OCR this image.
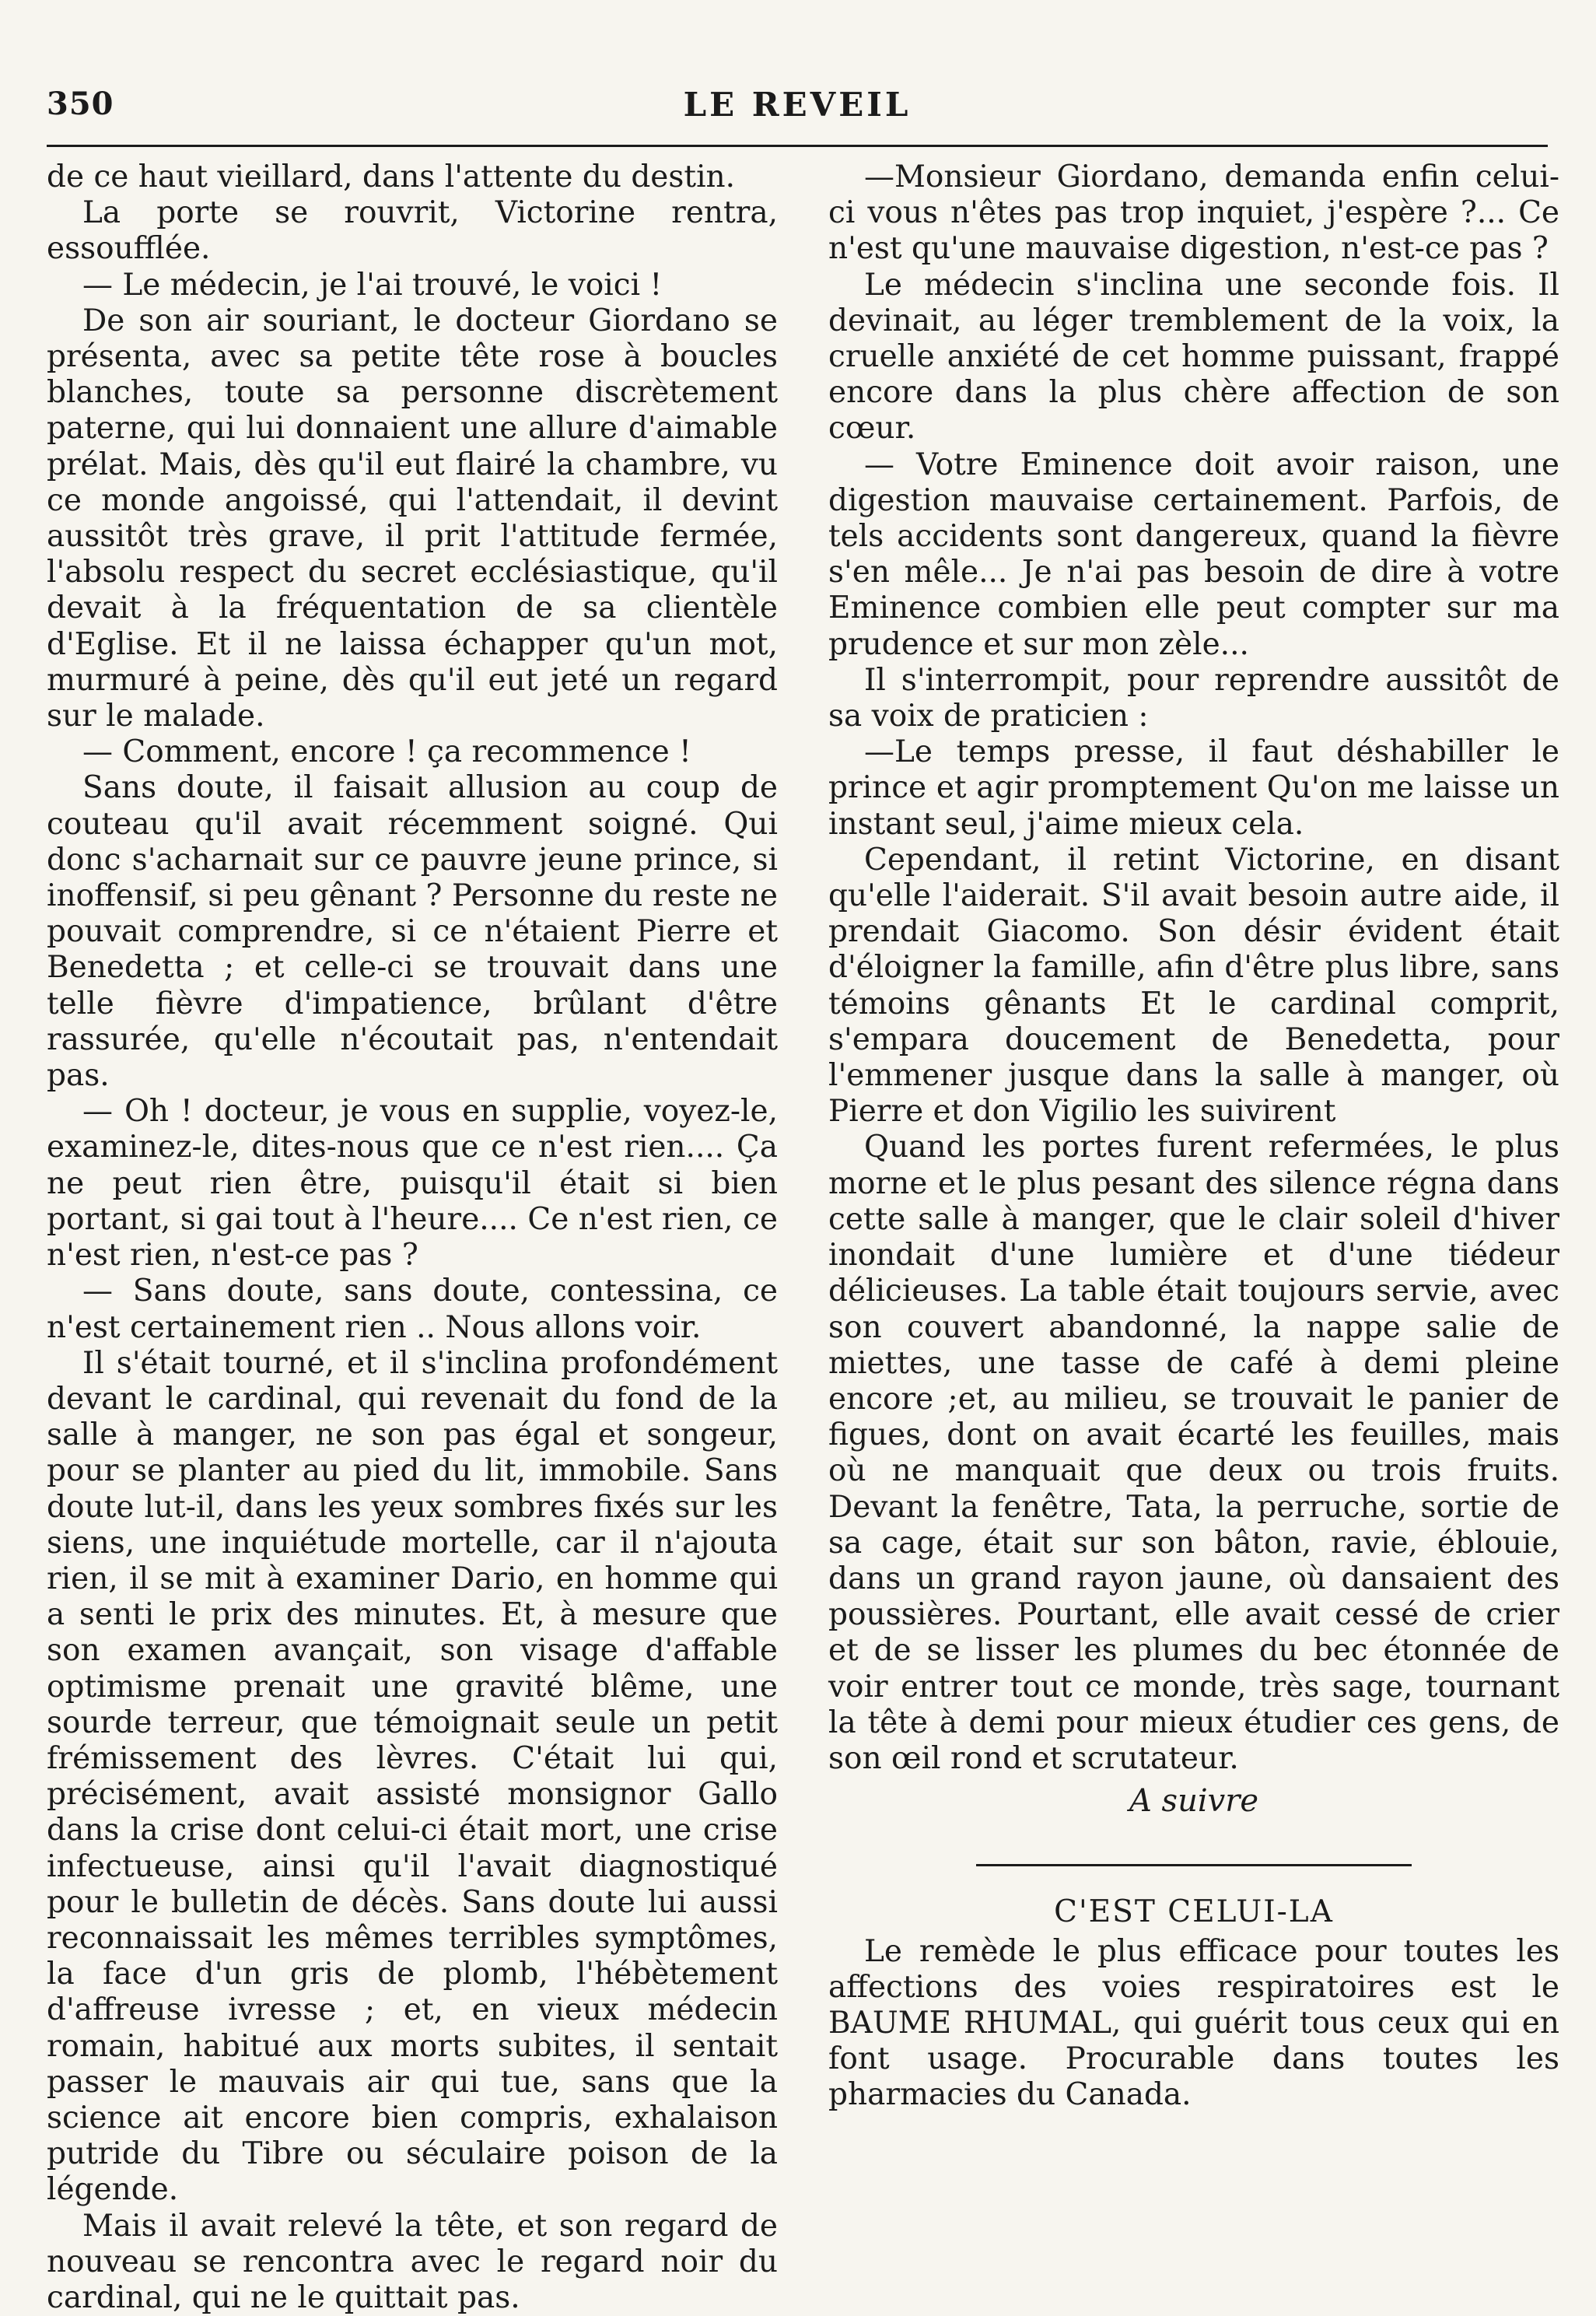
350	LE REVEIL

de ce haut vieillard, dans l'attente du destin.

La porte se rouvrit, Victorine rentra, essoufflée.

— Le médecin, je l'ai trouvé, le voici !

De son air souriant, le docteur Giordano se présenta, avec sa petite tête rose à boucles blanches, toute sa personne discrètement paterne, qui lui donnaient une allure d'aimable prélat. Mais, dès qu'il eut flairé la chambre, vu ce monde angoissé, qui l'attendait, il devint aussitôt très grave, il prit l'attitude fermée, l'absolu respect du secret ecclésiastique, qu'il devait à la fréquentation de sa clientèle d'Eglise. Et il ne laissa échapper qu'un mot, murmuré à peine, dès qu'il eut jeté un regard sur le malade.

— Comment, encore ! ça recommence !

Sans doute, il faisait allusion au coup de couteau qu'il avait récemment soigné. Qui donc s'acharnait sur ce pauvre jeune prince, si inoffensif, si peu gênant ? Personne du reste ne pouvait comprendre, si ce n'étaient Pierre et Benedetta ; et celle-ci se trouvait dans une telle fièvre d'impatience, brûlant d'être rassurée, qu'elle n'écoutait pas, n'entendait pas.

— Oh ! docteur, je vous en supplie, voyez-le, examinez-le, dites-nous que ce n'est rien.... Ça ne peut rien être, puisqu'il était si bien portant, si gai tout à l'heure.... Ce n'est rien, ce n'est rien, n'est-ce pas ?

— Sans doute, sans doute, contessina, ce n'est certainement rien .. Nous allons voir.

Il s'était tourné, et il s'inclina profondément devant le cardinal, qui revenait du fond de la salle à manger, ne son pas égal et songeur, pour se planter au pied du lit, immobile. Sans doute lut-il, dans les yeux sombres fixés sur les siens, une inquiétude mortelle, car il n'ajouta rien, il se mit à examiner Dario, en homme qui a senti le prix des minutes. Et, à mesure que son examen avançait, son visage d'affable optimisme prenait une gravité blême, une sourde terreur, que témoignait seule un petit frémissement des lèvres. C'était lui qui, précisément, avait assisté monsignor Gallo dans la crise dont celui-ci était mort, une crise infectueuse, ainsi qu'il l'avait diagnostiqué pour le bulletin de décès. Sans doute lui aussi reconnaissait les mêmes terribles symptômes, la face d'un gris de plomb, l'hébètement d'affreuse ivresse ; et, en vieux médecin romain, habitué aux morts subites, il sentait passer le mauvais air qui tue, sans que la science ait encore bien compris, exhalaison putride du Tibre ou séculaire poison de la légende.

Mais il avait relevé la tête, et son regard de nouveau se rencontra avec le regard noir du cardinal, qui ne le quittait pas.

—Monsieur Giordano, demanda enfin celui-ci vous n'êtes pas trop inquiet, j'espère ?... Ce n'est qu'une mauvaise digestion, n'est-ce pas ?

Le médecin s'inclina une seconde fois. Il devinait, au léger tremblement de la voix, la cruelle anxiété de cet homme puissant, frappé encore dans la plus chère affection de son cœur.

— Votre Eminence doit avoir raison, une digestion mauvaise certainement. Parfois, de tels accidents sont dangereux, quand la fièvre s'en mêle... Je n'ai pas besoin de dire à votre Eminence combien elle peut compter sur ma prudence et sur mon zèle...

Il s'interrompit, pour reprendre aussitôt de sa voix de praticien :

—Le temps presse, il faut déshabiller le prince et agir promptement Qu'on me laisse un instant seul, j'aime mieux cela.

Cependant, il retint Victorine, en disant qu'elle l'aiderait. S'il avait besoin autre aide, il prendait Giacomo. Son désir évident était d'éloigner la famille, afin d'être plus libre, sans témoins gênants Et le cardinal comprit, s'empara doucement de Benedetta, pour l'emmener jusque dans la salle à manger, où Pierre et don Vigilio les suivirent

Quand les portes furent refermées, le plus morne et le plus pesant des silence régna dans cette salle à manger, que le clair soleil d'hiver inondait d'une lumière et d'une tiédeur délicieuses. La table était toujours servie, avec son couvert abandonné, la nappe salie de miettes, une tasse de café à demi pleine encore ;et, au milieu, se trouvait le panier de figues, dont on avait écarté les feuilles, mais où ne manquait que deux ou trois fruits. Devant la fenêtre, Tata, la perruche, sortie de sa cage, était sur son bâton, ravie, éblouie, dans un grand rayon jaune, où dansaient des poussières. Pourtant, elle avait cessé de crier et de se lisser les plumes du bec étonnée de voir entrer tout ce monde, très sage, tournant la tête à demi pour mieux étudier ces gens, de son œil rond et scrutateur.

A suivre

C'EST CELUI-LA

Le remède le plus efficace pour toutes les affections des voies respiratoires est le BAUME RHUMAL, qui guérit tous ceux qui en font usage. Procurable dans toutes les pharmacies du Canada.
